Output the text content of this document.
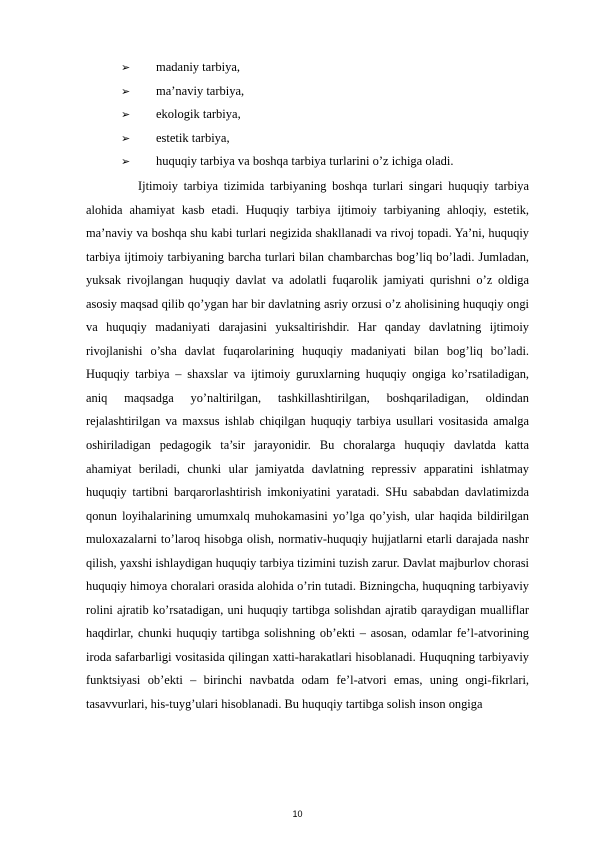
➢ madaniy tarbiya,
➢ ma’naviy tarbiya,
➢ ekologik tarbiya,
➢ estetik tarbiya,
➢ huquqiy tarbiya va boshqa tarbiya turlarini o’z ichiga oladi.

Ijtimoiy tarbiya tizimida tarbiyaning boshqa turlari singari huquqiy tarbiya alohida ahamiyat kasb etadi. Huquqiy tarbiya ijtimoiy tarbiyaning ahloqiy, estetik, ma’naviy va boshqa shu kabi turlari negizida shakllanadi va rivoj topadi. Ya’ni, huquqiy tarbiya ijtimoiy tarbiyaning barcha turlari bilan chambarchas bog’liq bo’ladi. Jumladan, yuksak rivojlangan huquqiy davlat va adolatli fuqarolik jamiyati qurishni o’z oldiga asosiy maqsad qilib qo’ygan har bir davlatning asriy orzusi o’z aholisining huquqiy ongi va huquqiy madaniyati darajasini yuksaltirishdir. Har qanday davlatning ijtimoiy rivojlanishi o’sha davlat fuqarolarining huquqiy madaniyati bilan bog’liq bo’ladi. Huquqiy tarbiya – shaxslar va ijtimoiy guruxlarning huquqiy ongiga ko’rsatiladigan, aniq maqsadga yo’naltirilgan, tashkillashtirilgan, boshqariladigan, oldindan rejalashtirilgan va maxsus ishlab chiqilgan huquqiy tarbiya usullari vositasida amalga oshiriladigan pedagogik ta’sir jarayonidir. Bu choralarga huquqiy davlatda katta ahamiyat beriladi, chunki ular jamiyatda davlatning repressiv apparatini ishlatmay huquqiy tartibni barqarorlashtirish imkoniyatini yaratadi. SHu sababdan davlatimizda qonun loyihalarining umumxalq muhokamasini yo’lga qo’yish, ular haqida bildirilgan muloxazalarni to’laroq hisobga olish, normativ-huquqiy hujjatlarni etarli darajada nashr qilish, yaxshi ishlaydigan huquqiy tarbiya tizimini tuzish zarur. Davlat majburlov chorasi huquqiy himoya choralari orasida alohida o’rin tutadi. Bizningcha, huquqning tarbiyaviy rolini ajratib ko’rsatadigan, uni huquqiy tartibga solishdan ajratib qaraydigan mualliflar haqdirlar, chunki huquqiy tartibga solishning ob’ekti – asosan, odamlar fe’l-atvorining iroda safarbarligi vositasida qilingan xatti-harakatlari hisoblanadi. Huquqning tarbiyaviy funktsiyasi ob’ekti – birinchi navbatda odam fe’l-atvori emas, uning ongi-fikrlari, tasavvurlari, his-tuyg’ulari hisoblanadi. Bu huquqiy tartibga solish inson ongiga

10
